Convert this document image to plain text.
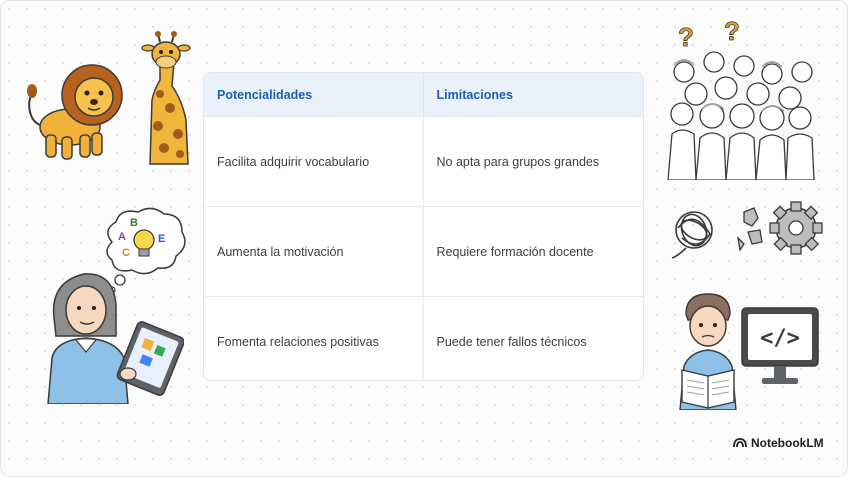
A
B
C
E
? ?
</>
Potencialidades	Limitaciones
Facilita adquirir vocabulario	No apta para grupos grandes
Aumenta la motivación	Requiere formación docente
Fomenta relaciones positivas	Puede tener fallos técnicos
NotebookLM
